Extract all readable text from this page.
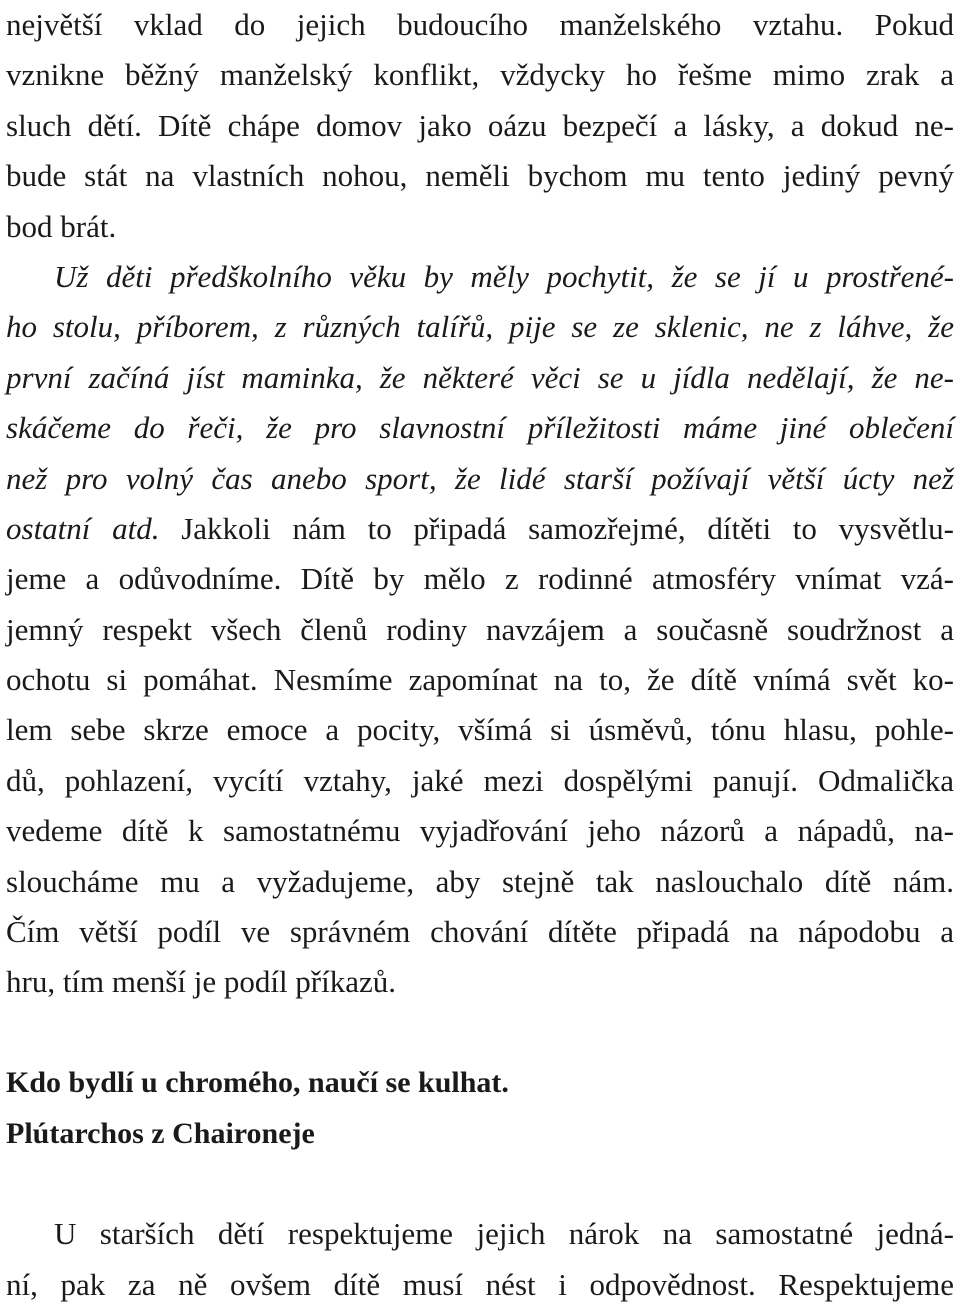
největší vklad do jejich budoucího manželského vztahu. Pokud
vznikne běžný manželský konflikt, vždycky ho řešme mimo zrak a
sluch dětí. Dítě chápe domov jako oázu bezpečí a lásky, a dokud ne-
bude stát na vlastních nohou, neměli bychom mu tento jediný pevný
bod brát.
Už děti předškolního věku by měly pochytit, že se jí u prostřené-
ho stolu, příborem, z různých talířů, pije se ze sklenic, ne z láhve, že
první začíná jíst maminka, že některé věci se u jídla nedělají, že ne-
skáčeme do řeči, že pro slavnostní příležitosti máme jiné oblečení
než pro volný čas anebo sport, že lidé starší požívají větší úcty než
ostatní atd. Jakkoli nám to připadá samozřejmé, dítěti to vysvětlu-
jeme a odůvodníme. Dítě by mělo z rodinné atmosféry vnímat vzá-
jemný respekt všech členů rodiny navzájem a současně soudržnost a
ochotu si pomáhat. Nesmíme zapomínat na to, že dítě vnímá svět ko-
lem sebe skrze emoce a pocity, všímá si úsměvů, tónu hlasu, pohle-
dů, pohlazení, vycítí vztahy, jaké mezi dospělými panují. Odmalička
vedeme dítě k samostatnému vyjadřování jeho názorů a nápadů, na-
sloucháme mu a vyžadujeme, aby stejně tak naslouchalo dítě nám.
Čím větší podíl ve správném chování dítěte připadá na nápodobu a
hru, tím menší je podíl příkazů.
Kdo bydlí u chromého, naučí se kulhat.
Plútarchos z Chaironeje
U starších dětí respektujeme jejich nárok na samostatné jedná-
ní, pak za ně ovšem dítě musí nést i odpovědnost. Respektujeme
